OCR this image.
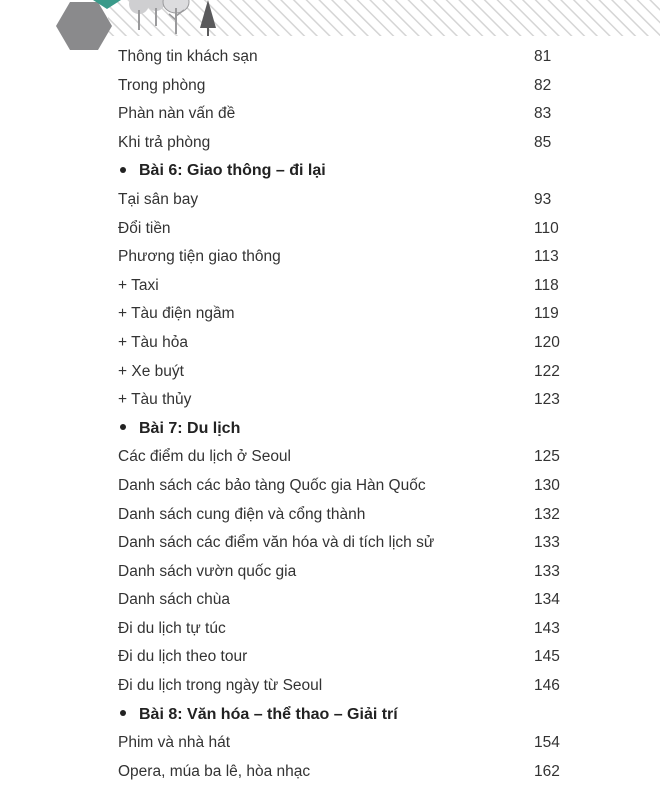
Thông tin khách sạn	81
Trong phòng	82
Phàn nàn vấn đề	83
Khi trả phòng	85
Bài 6: Giao thông – đi lại
Tại sân bay	93
Đổi tiền	110
Phương tiện giao thông	113
+ Taxi	118
+ Tàu điện ngầm	119
+ Tàu hỏa	120
+ Xe buýt	122
+ Tàu thủy	123
Bài 7: Du lịch
Các điểm du lịch ở Seoul	125
Danh sách các bảo tàng Quốc gia Hàn Quốc	130
Danh sách cung điện và cổng thành	132
Danh sách các điểm văn hóa và di tích lịch sử	133
Danh sách vườn quốc gia	133
Danh sách chùa	134
Đi du lịch tự túc	143
Đi du lịch theo tour	145
Đi du lịch trong ngày từ Seoul	146
Bài 8: Văn hóa – thể thao – Giải trí
Phim và nhà hát	154
Opera, múa ba lê, hòa nhạc	162
